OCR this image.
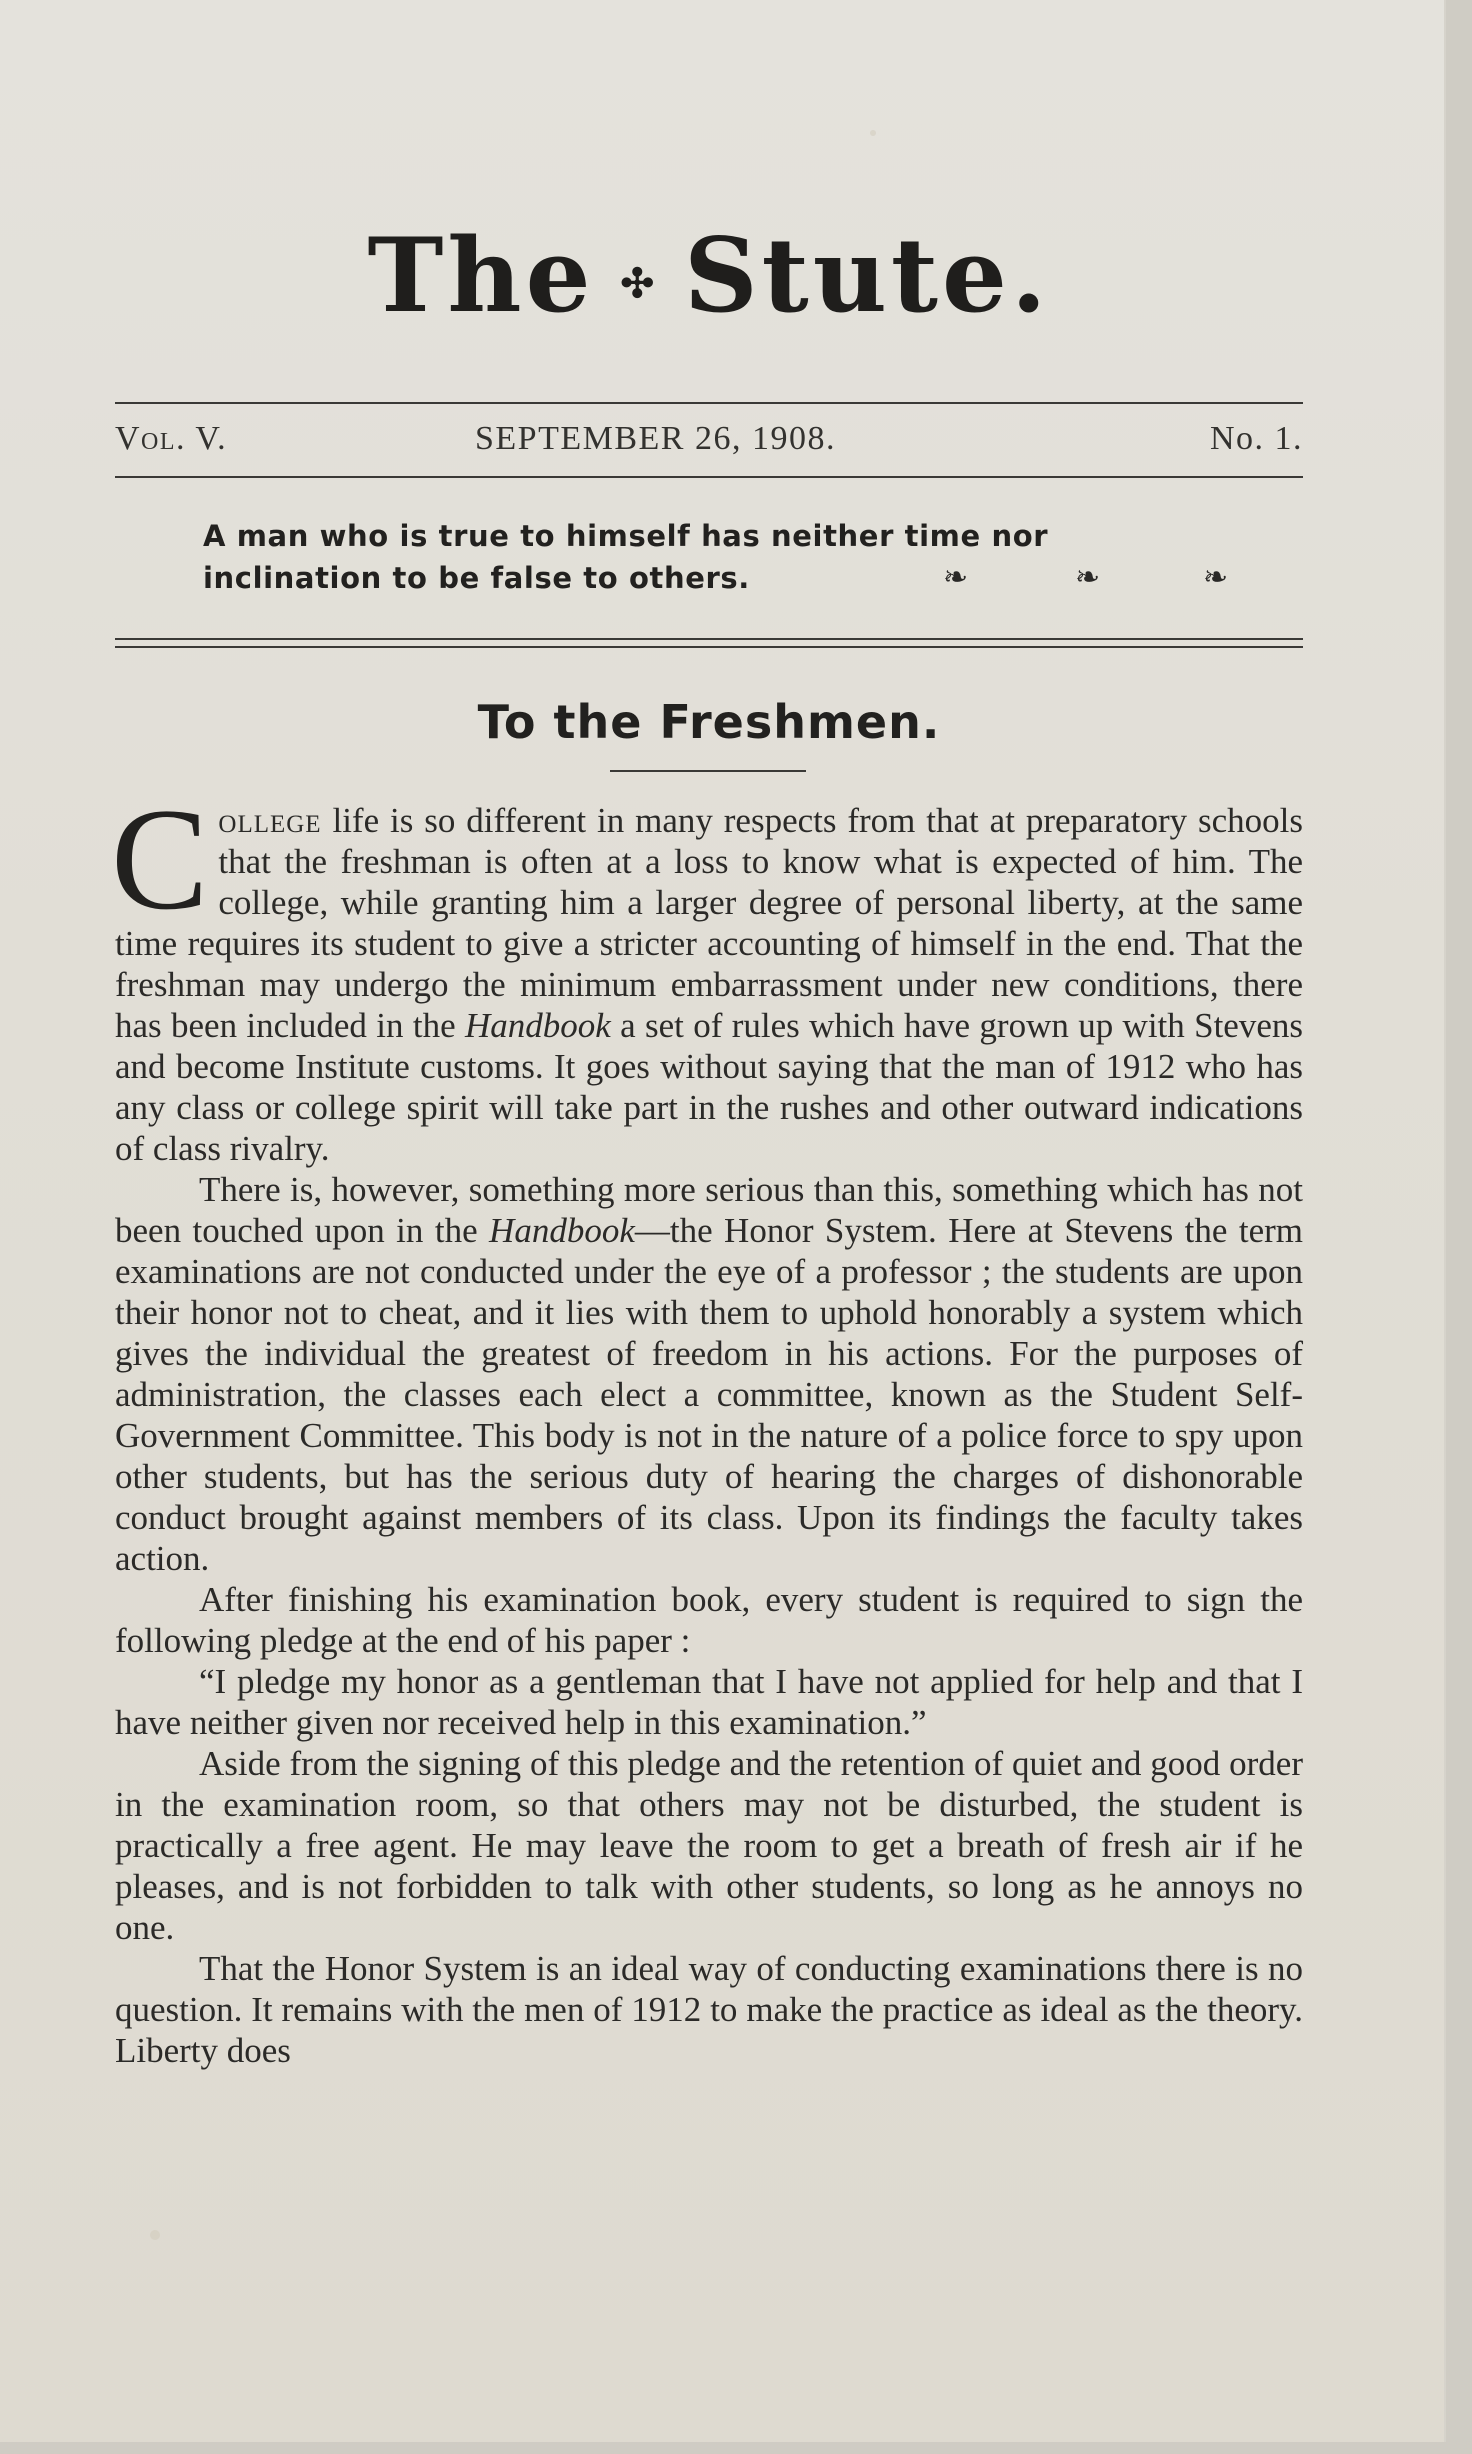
The ✣ Stute.
Vol. V.	SEPTEMBER 26, 1908.	No. 1.
A man who is true to himself has neither time nor
inclination to be false to others.	❧	❧	❧
To the Freshmen.

College life is so different in many respects from that at preparatory schools that the freshman is often at a loss to know what is expected of him. The college, while granting him a larger degree of personal liberty, at the same time requires its student to give a stricter accounting of himself in the end. That the freshman may undergo the minimum embarrassment under new conditions, there has been included in the Handbook a set of rules which have grown up with Stevens and become Institute customs. It goes without saying that the man of 1912 who has any class or college spirit will take part in the rushes and other outward indications of class rivalry.

There is, however, something more serious than this, something which has not been touched upon in the Handbook—the Honor System. Here at Stevens the term examinations are not conducted under the eye of a professor ; the students are upon their honor not to cheat, and it lies with them to uphold honorably a system which gives the individual the greatest of freedom in his actions. For the purposes of administration, the classes each elect a committee, known as the Student Self-Government Committee. This body is not in the nature of a police force to spy upon other students, but has the serious duty of hearing the charges of dishonorable conduct brought against members of its class. Upon its findings the faculty takes action.

After finishing his examination book, every student is required to sign the following pledge at the end of his paper :

“I pledge my honor as a gentleman that I have not applied for help and that I have neither given nor received help in this examination.”

Aside from the signing of this pledge and the retention of quiet and good order in the examination room, so that others may not be disturbed, the student is practically a free agent. He may leave the room to get a breath of fresh air if he pleases, and is not forbidden to talk with other students, so long as he annoys no one.

That the Honor System is an ideal way of conducting examinations there is no question. It remains with the men of 1912 to make the practice as ideal as the theory. Liberty does
